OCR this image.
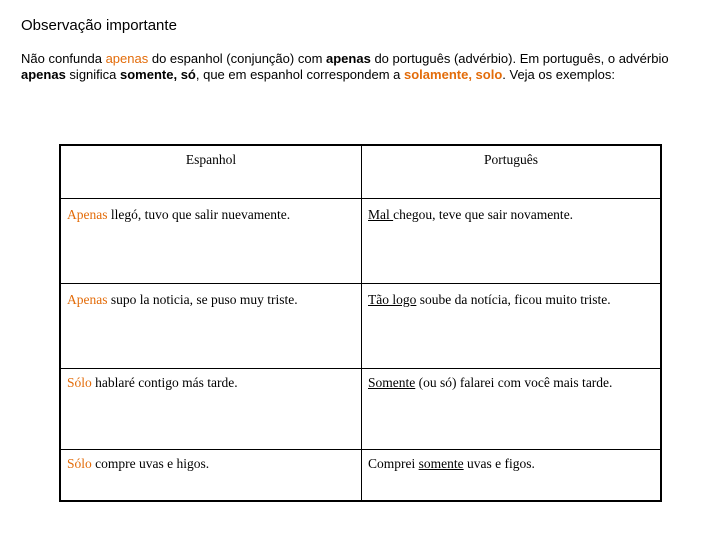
Observação importante
Não confunda apenas do espanhol (conjunção) com apenas do português (advérbio). Em português, o advérbio apenas significa somente, só, que em espanhol correspondem a solamente, solo. Veja os exemplos:
Espanhol	Português
Apenas llegó, tuvo que salir nuevamente.	Mal chegou, teve que sair novamente.
Apenas supo la noticia, se puso muy triste.	Tão logo soube da notícia, ficou muito triste.
Sólo hablaré contigo más tarde.	Somente (ou só) falarei com você mais tarde.
Sólo compre uvas e higos.	Comprei somente uvas e figos.
